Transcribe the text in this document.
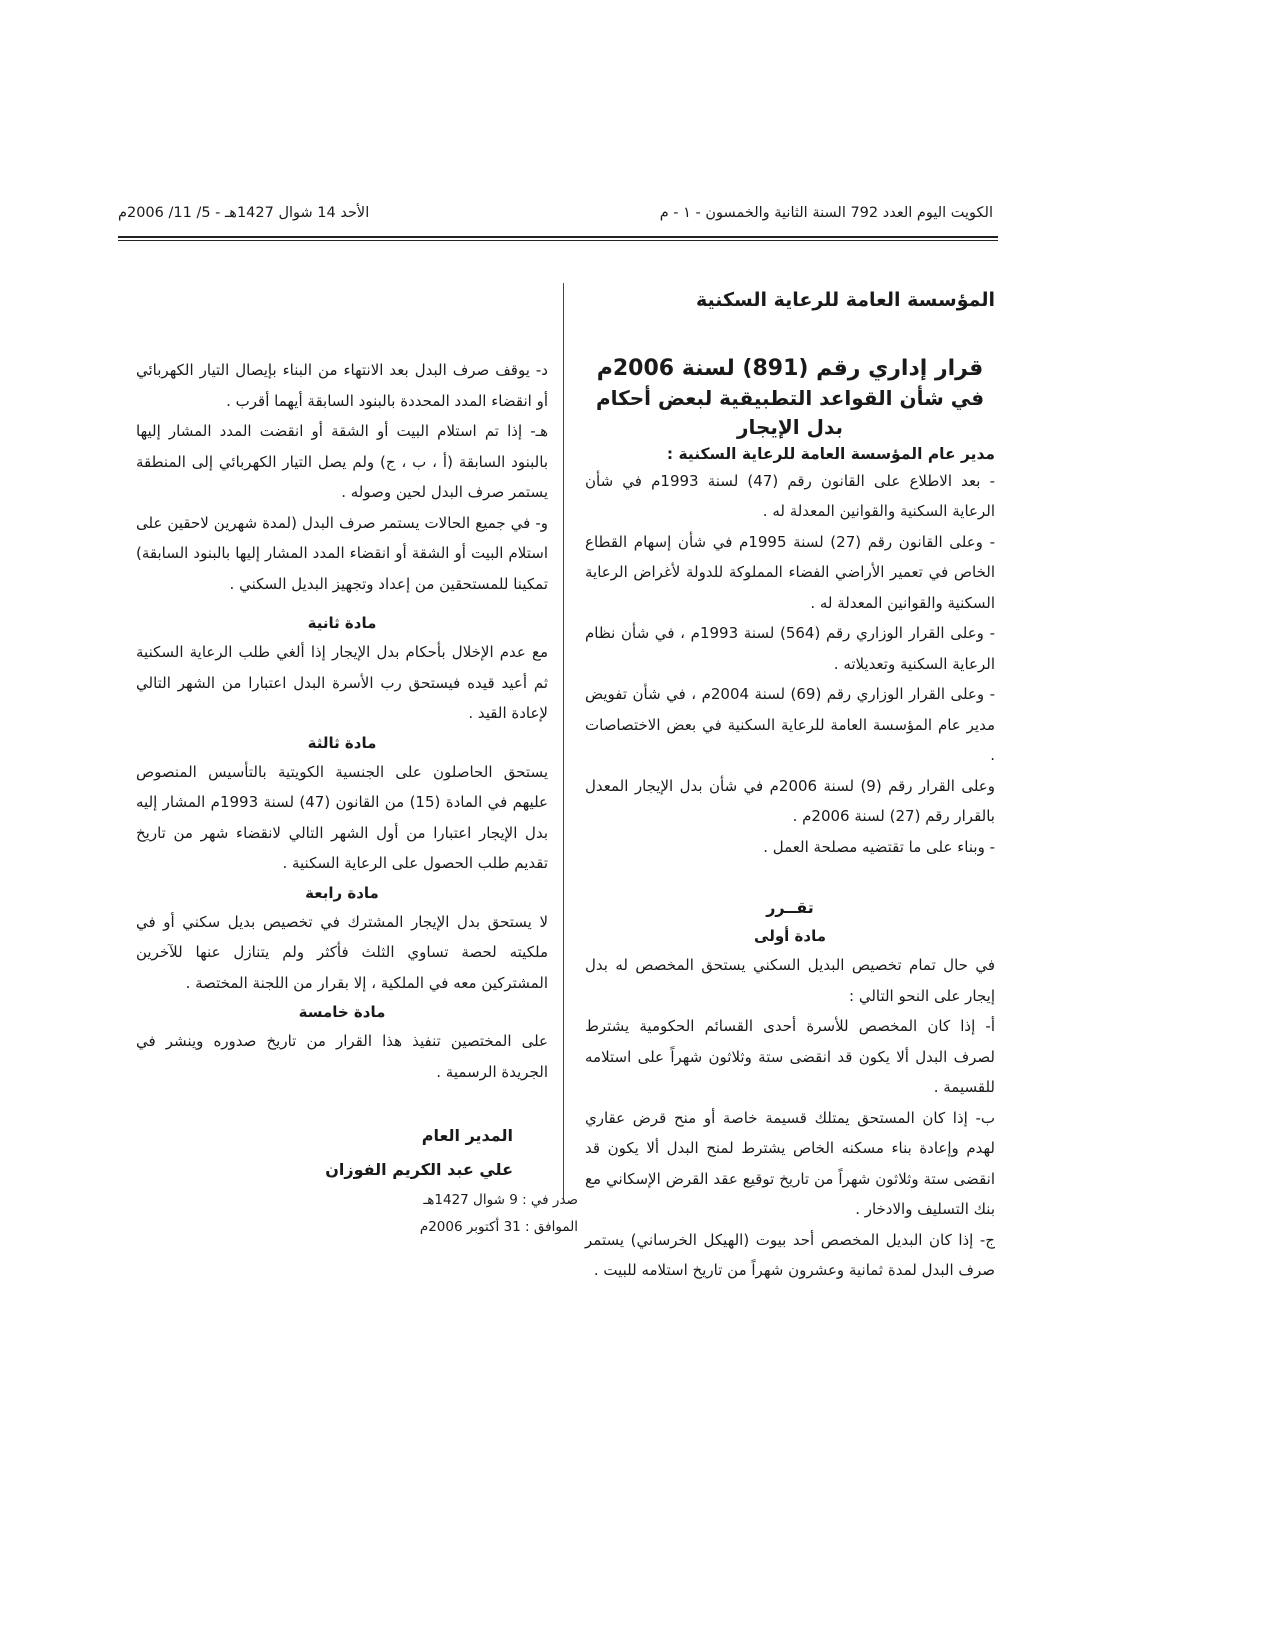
الكويت اليوم العدد 792 السنة الثانية والخمسون - ١ - م
الأحد 14 شوال 1427هـ - 5/ 11/ 2006م
المؤسسة العامة للرعاية السكنية
قرار إداري رقم (891) لسنة 2006م
في شأن القواعد التطبيقية لبعض أحكام بدل الإيجار
مدير عام المؤسسة العامة للرعاية السكنية :

- بعد الاطلاع على القانون رقم (47) لسنة 1993م في شأن الرعاية السكنية والقوانين المعدلة له .

- وعلى القانون رقم (27) لسنة 1995م في شأن إسهام القطاع الخاص في تعمير الأراضي الفضاء المملوكة للدولة لأغراض الرعاية السكنية والقوانين المعدلة له .

- وعلى القرار الوزاري رقم (564) لسنة 1993م ، في شأن نظام الرعاية السكنية وتعديلاته .

- وعلى القرار الوزاري رقم (69) لسنة 2004م ، في شأن تفويض مدير عام المؤسسة العامة للرعاية السكنية في بعض الاختصاصات .

وعلى القرار رقم (9) لسنة 2006م في شأن بدل الإيجار المعدل بالقرار رقم (27) لسنة 2006م .

- وبناء على ما تقتضيه مصلحة العمل .

تقــرر
مادة أولى

في حال تمام تخصيص البديل السكني يستحق المخصص له بدل إيجار على النحو التالي :

أ- إذا كان المخصص للأسرة أحدى القسائم الحكومية يشترط لصرف البدل ألا يكون قد انقضى ستة وثلاثون شهراً على استلامه للقسيمة .

ب- إذا كان المستحق يمتلك قسيمة خاصة أو منح قرض عقاري لهدم وإعادة بناء مسكنه الخاص يشترط لمنح البدل ألا يكون قد انقضى ستة وثلاثون شهراً من تاريخ توقيع عقد القرض الإسكاني مع بنك التسليف والادخار .

ج- إذا كان البديل المخصص أحد بيوت (الهيكل الخرساني) يستمر صرف البدل لمدة ثمانية وعشرون شهراً من تاريخ استلامه للبيت .

د- يوقف صرف البدل بعد الانتهاء من البناء بإيصال التيار الكهربائي أو انقضاء المدد المحددة بالبنود السابقة أيهما أقرب .

هـ- إذا تم استلام البيت أو الشقة أو انقضت المدد المشار إليها بالبنود السابقة (أ ، ب ، ج) ولم يصل التيار الكهربائي إلى المنطقة يستمر صرف البدل لحين وصوله .

و- في جميع الحالات يستمر صرف البدل (لمدة شهرين لاحقين على استلام البيت أو الشقة أو انقضاء المدد المشار إليها بالبنود السابقة) تمكينا للمستحقين من إعداد وتجهيز البديل السكني .

مادة ثانية

مع عدم الإخلال بأحكام بدل الإيجار إذا ألغي طلب الرعاية السكنية ثم أعيد قيده فيستحق رب الأسرة البدل اعتبارا من الشهر التالي لإعادة القيد .

مادة ثالثة

يستحق الحاصلون على الجنسية الكويتية بالتأسيس المنصوص عليهم في المادة (15) من القانون (47) لسنة 1993م المشار إليه بدل الإيجار اعتبارا من أول الشهر التالي لانقضاء شهر من تاريخ تقديم طلب الحصول على الرعاية السكنية .

مادة رابعة

لا يستحق بدل الإيجار المشترك في تخصيص بديل سكني أو في ملكيته لحصة تساوي الثلث فأكثر ولم يتنازل عنها للآخرين المشتركين معه في الملكية ، إلا بقرار من اللجنة المختصة .

مادة خامسة

على المختصين تنفيذ هذا القرار من تاريخ صدوره وينشر في الجريدة الرسمية .

المدير العام
علي عبد الكريم الفوزان
صدر في : 9 شوال 1427هـ
الموافق : 31 أكتوبر 2006م
